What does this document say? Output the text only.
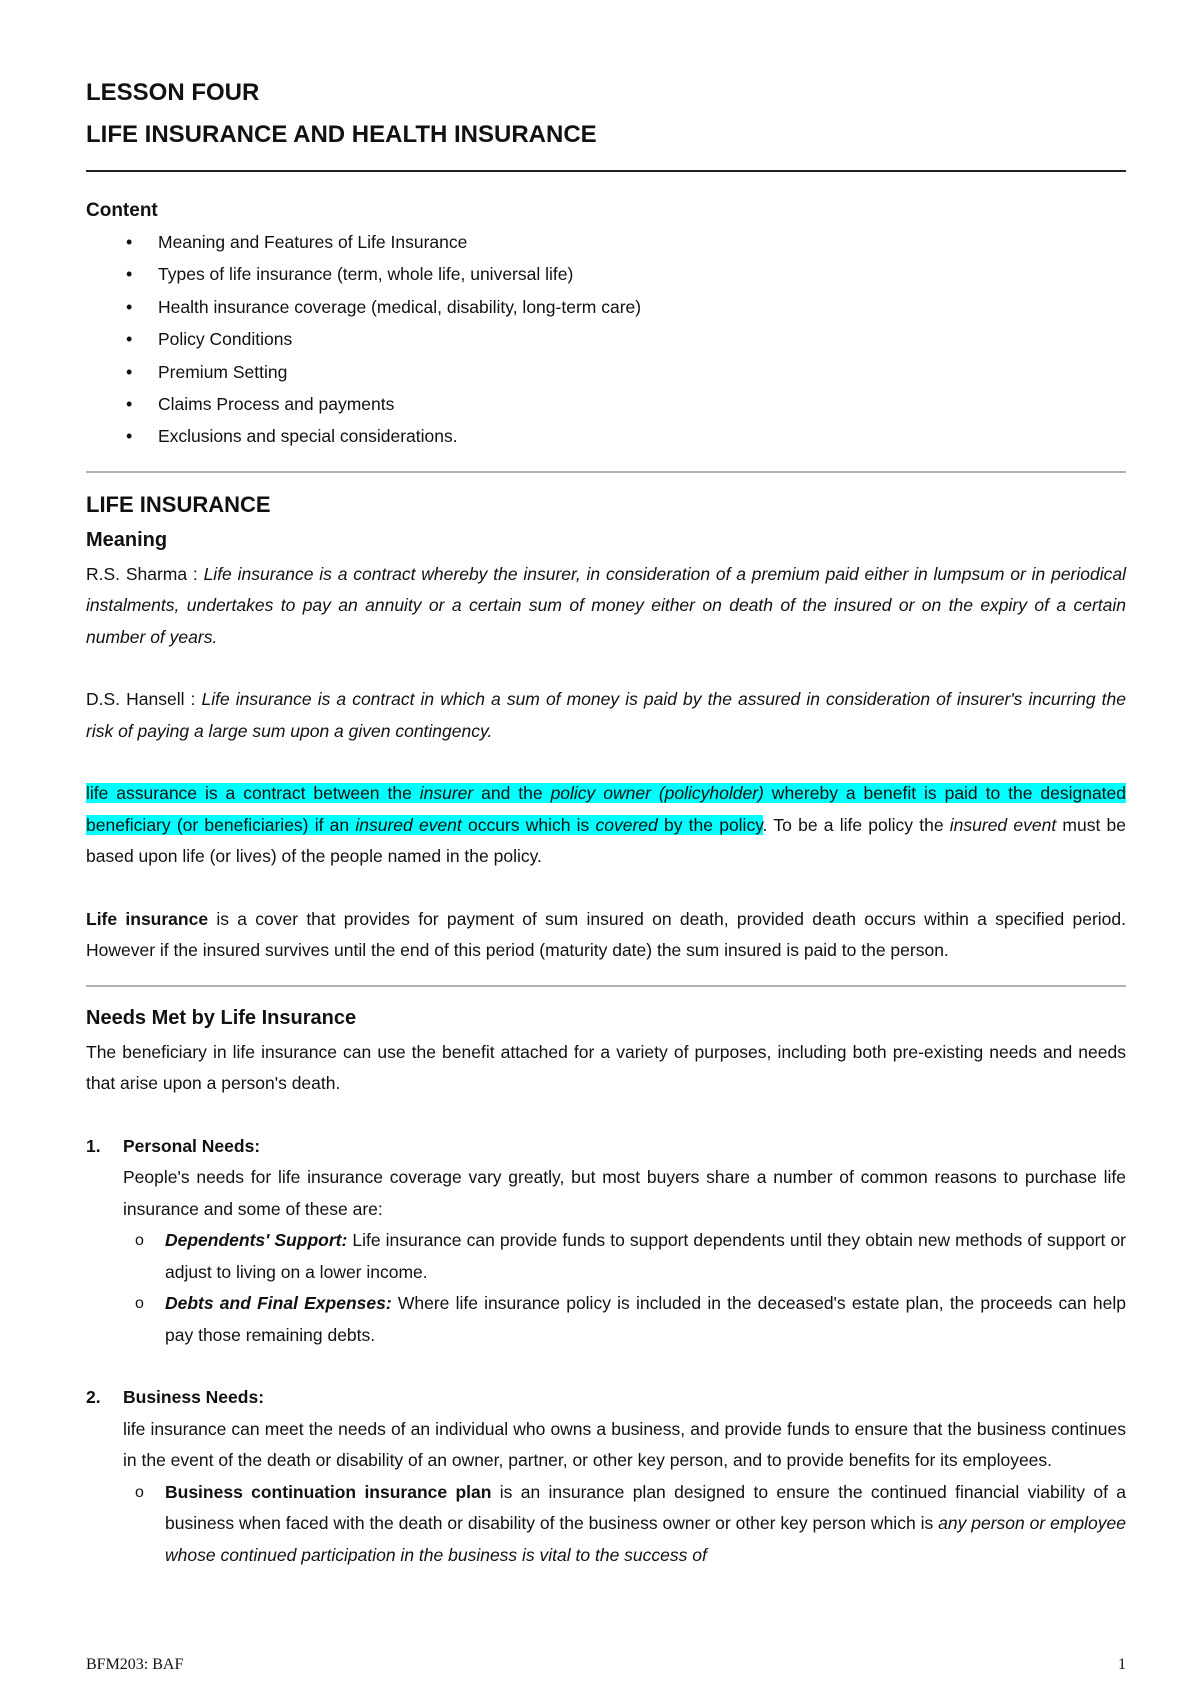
LESSON FOUR
LIFE INSURANCE AND HEALTH INSURANCE
Content
• Meaning and Features of Life Insurance
• Types of life insurance (term, whole life, universal life)
• Health insurance coverage (medical, disability, long-term care)
• Policy Conditions
• Premium Setting
• Claims Process and payments
• Exclusions and special considerations.
LIFE INSURANCE
Meaning

R.S. Sharma : Life insurance is a contract whereby the insurer, in consideration of a premium paid either in lumpsum or in periodical instalments, undertakes to pay an annuity or a certain sum of money either on death of the insured or on the expiry of a certain number of years.

D.S. Hansell : Life insurance is a contract in which a sum of money is paid by the assured in consideration of insurer's incurring the risk of paying a large sum upon a given contingency.

life assurance is a contract between the insurer and the policy owner (policyholder) whereby a benefit is paid to the designated beneficiary (or beneficiaries) if an insured event occurs which is covered by the policy. To be a life policy the insured event must be based upon life (or lives) of the people named in the policy.

Life insurance is a cover that provides for payment of sum insured on death, provided death occurs within a specified period. However if the insured survives until the end of this period (maturity date) the sum insured is paid to the person.

Needs Met by Life Insurance

The beneficiary in life insurance can use the benefit attached for a variety of purposes, including both pre-existing needs and needs that arise upon a person's death.

1. Personal Needs:

People's needs for life insurance coverage vary greatly, but most buyers share a number of common reasons to purchase life insurance and some of these are:

o Dependents' Support: Life insurance can provide funds to support dependents until they obtain new methods of support or adjust to living on a lower income.

o Debts and Final Expenses: Where life insurance policy is included in the deceased's estate plan, the proceeds can help pay those remaining debts.

2. Business Needs:

life insurance can meet the needs of an individual who owns a business, and provide funds to ensure that the business continues in the event of the death or disability of an owner, partner, or other key person, and to provide benefits for its employees.

o Business continuation insurance plan is an insurance plan designed to ensure the continued financial viability of a business when faced with the death or disability of the business owner or other key person which is any person or employee whose continued participation in the business is vital to the success of

BFM203: BAF	1
